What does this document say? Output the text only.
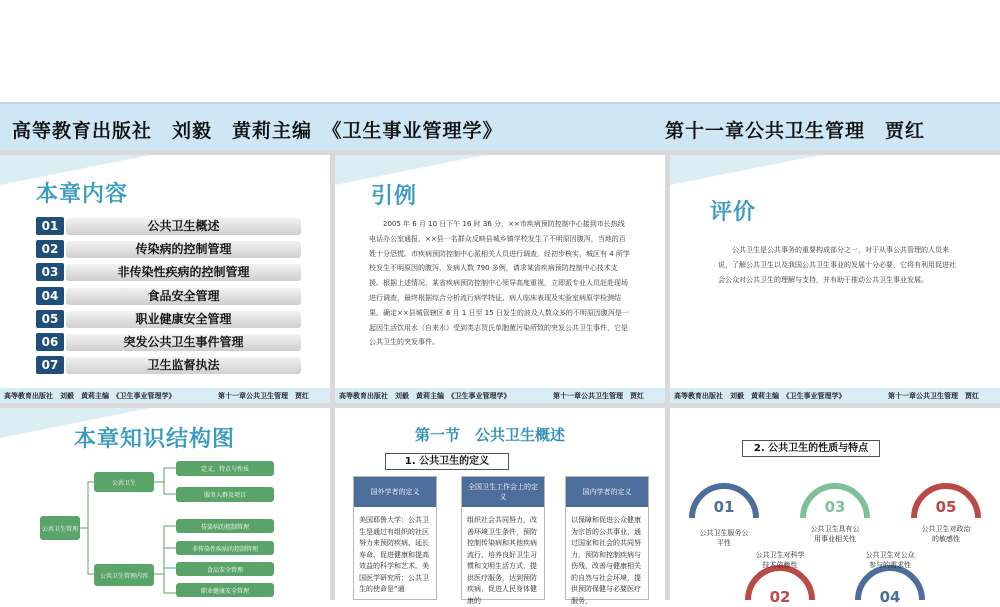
高等教育出版社　刘毅　黄莉主编　《卫生事业管理学》	第十一章公共卫生管理　贾红
本章内容
01	公共卫生概述
02	传染病的控制管理
03	非传染性疾病的控制管理
04	食品安全管理
05	职业健康安全管理
06	突发公共卫生事件管理
07	卫生监督执法
高等教育出版社　刘毅　黄莉主编　《卫生事业管理学》	第十一章公共卫生管理　贾红
引例
2005 年 6 月 10 日下午 16 时 36 分，××市疾病预防控制中心接到市长热线电话办公室通报，××县一名群众反映县城乡镇学校发生了不明原因腹泻，当地的百姓十分恐慌。市疾病预防控制中心派相关人员进行调查，经初步核实，城区有 4 所学校发生不明原因的腹泻，发病人数 790 多例，请求某省疾病预防控制中心技术支援。根据上述情况，某省疾病预防控制中心领导高度重视，立即派专业人员赶赴现场进行调查，最终根据综合分析流行病学特征、病人临床表现及实验室病原学检测结果。确定××县城管辖区 6 月 1 日至 15 日发生的波及人数众多的不明原因腹泻是一起因生活饮用水（自来水）受到类志贺氏单胞菌污染所致的突发公共卫生事件，它是公共卫生的突发事件。
高等教育出版社　刘毅　黄莉主编　《卫生事业管理学》	第十一章公共卫生管理　贾红
评价
公共卫生是公共事务的重要构成部分之一，对于从事公共管理的人员来说，了解公共卫生以及我国公共卫生事业的发展十分必要，它将有利用促进社会公众对公共卫生的理解与支持，并有助于推动公共卫生事业发展。
高等教育出版社　刘毅　黄莉主编　《卫生事业管理学》	第十一章公共卫生管理　贾红
本章知识结构图
公共卫生管理
公共卫生
公共卫生管理内容
定义、特点与性质
服务人群及项目
传染病的控制管理
非传染性疾病的控制管理
食品安全管理
职业健康安全管理
第一节　公共卫生概述
1. 公共卫生的定义
国外学者的定义
美国耶鲁大学：公共卫生是通过有组织的社区努力来预防疾病、延长寿命、促进健康和提高效益的科学和艺术。美国医学研究所：公共卫生的使命是“通
全国卫生工作会上的定义
组织社会共同努力，改善环境卫生条件，预防控制传染病和其他疾病流行，培养良好卫生习惯和文明生活方式，提供医疗服务，达到预防疾病，促进人民身体健康的
国内学者的定义
以保障和促进公众健康为宗旨的公共事业，通过国家和社会的共同努力，预防和控制疾病与伤残，改善与健康相关的自然与社会环境，提供预防保健与必要医疗服务，
2. 公共卫生的性质与特点
01
公共卫生服务公平性
03
公共卫生具有公用事业相关性
05
公共卫生对政治的敏感性
公共卫生对科学技术依赖性
02
公共卫生对公众参与的需求性
04
